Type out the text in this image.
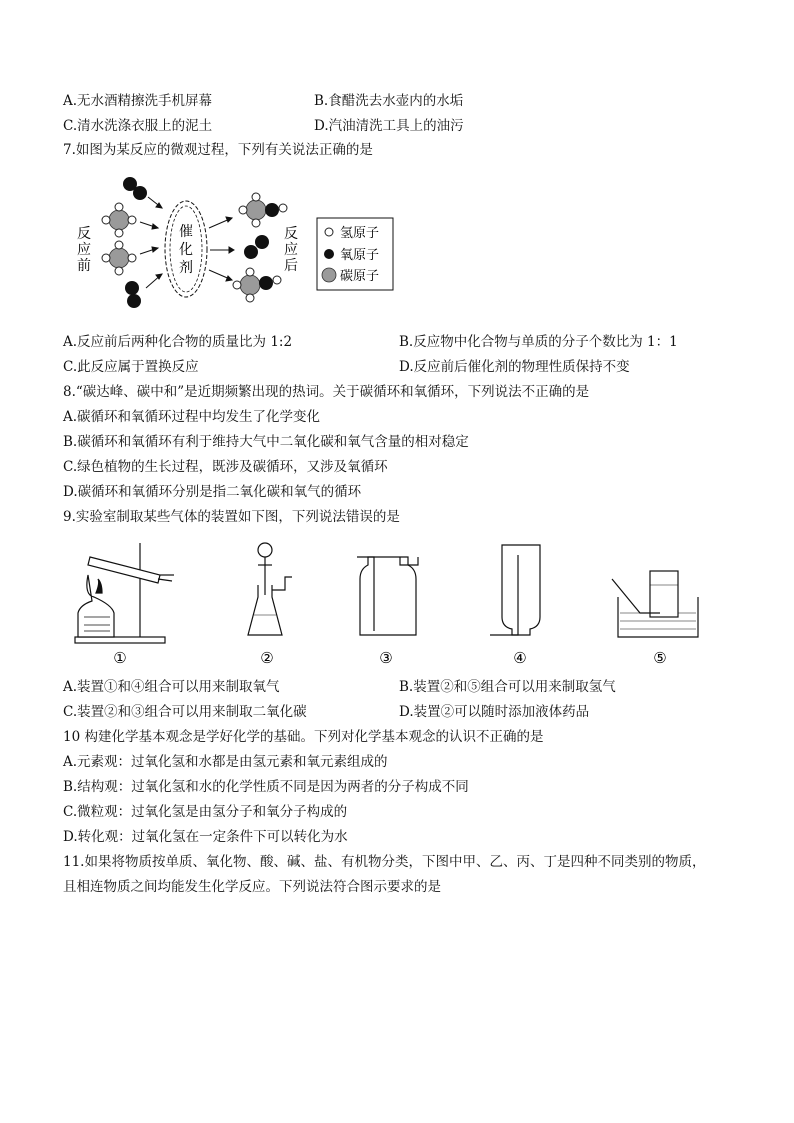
A.无水酒精擦洗手机屏幕	B.食醋洗去水壶内的水垢
C.清水洗涤衣服上的泥土	D.汽油清洗工具上的油污
7.如图为某反应的微观过程，下列有关说法正确的是
反
应
前
催
化
剂
反
应
后
氢原子
氧原子
碳原子
A.反应前后两种化合物的质量比为 1:2	B.反应物中化合物与单质的分子个数比为 1：1
C.此反应属于置换反应	D.反应前后催化剂的物理性质保持不变
8.“碳达峰、碳中和”是近期频繁出现的热词。关于碳循环和氧循环，下列说法不正确的是
A.碳循环和氧循环过程中均发生了化学变化
B.碳循环和氧循环有利于维持大气中二氧化碳和氧气含量的相对稳定
C.绿色植物的生长过程，既涉及碳循环，又涉及氧循环
D.碳循环和氧循环分别是指二氧化碳和氧气的循环
9.实验室制取某些气体的装置如下图，下列说法错误的是
①	②	③	④	⑤
A.装置①和④组合可以用来制取氧气	B.装置②和⑤组合可以用来制取氢气
C.装置②和③组合可以用来制取二氧化碳	D.装置②可以随时添加液体药品
10 构建化学基本观念是学好化学的基础。下列对化学基本观念的认识不正确的是
A.元素观：过氧化氢和水都是由氢元素和氧元素组成的
B.结构观：过氧化氢和水的化学性质不同是因为两者的分子构成不同
C.微粒观：过氧化氢是由氢分子和氧分子构成的
D.转化观：过氧化氢在一定条件下可以转化为水
11.如果将物质按单质、氧化物、酸、碱、盐、有机物分类，下图中甲、乙、丙、丁是四种不同类别的物质，
且相连物质之间均能发生化学反应。下列说法符合图示要求的是
